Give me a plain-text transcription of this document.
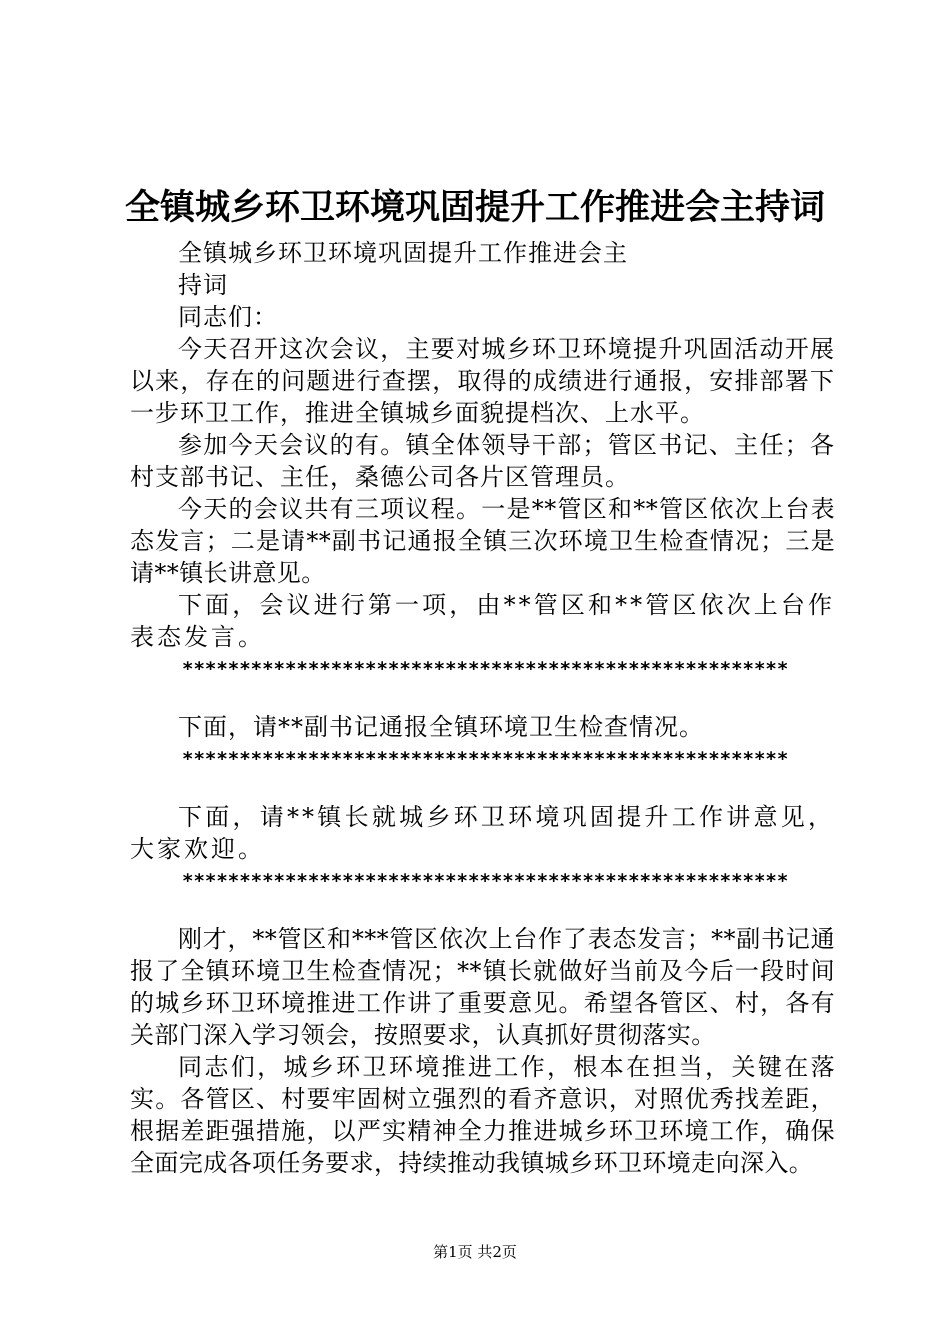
全镇城乡环卫环境巩固提升工作推进会主持词

全镇城乡环卫环境巩固提升工作推进会主

持词

同志们：

今天召开这次会议，主要对城乡环卫环境提升巩固活动开展以来，存在的问题进行查摆，取得的成绩进行通报，安排部署下一步环卫工作，推进全镇城乡面貌提档次、上水平。

参加今天会议的有。镇全体领导干部；管区书记、主任；各村支部书记、主任，桑德公司各片区管理员。

今天的会议共有三项议程。一是**管区和**管区依次上台表态发言；二是请**副书记通报全镇三次环境卫生检查情况；三是请**镇长讲意见。

下面，会议进行第一项，由**管区和**管区依次上台作表态发言。

*****************************************************

下面，请**副书记通报全镇环境卫生检查情况。

*****************************************************

下面，请**镇长就城乡环卫环境巩固提升工作讲意见，大家欢迎。

*****************************************************

刚才，**管区和***管区依次上台作了表态发言；**副书记通报了全镇环境卫生检查情况；**镇长就做好当前及今后一段时间的城乡环卫环境推进工作讲了重要意见。希望各管区、村，各有关部门深入学习领会，按照要求，认真抓好贯彻落实。

同志们，城乡环卫环境推进工作，根本在担当，关键在落实。各管区、村要牢固树立强烈的看齐意识，对照优秀找差距，根据差距强措施，以严实精神全力推进城乡环卫环境工作，确保全面完成各项任务要求，持续推动我镇城乡环卫环境走向深入。

第1页 共2页
